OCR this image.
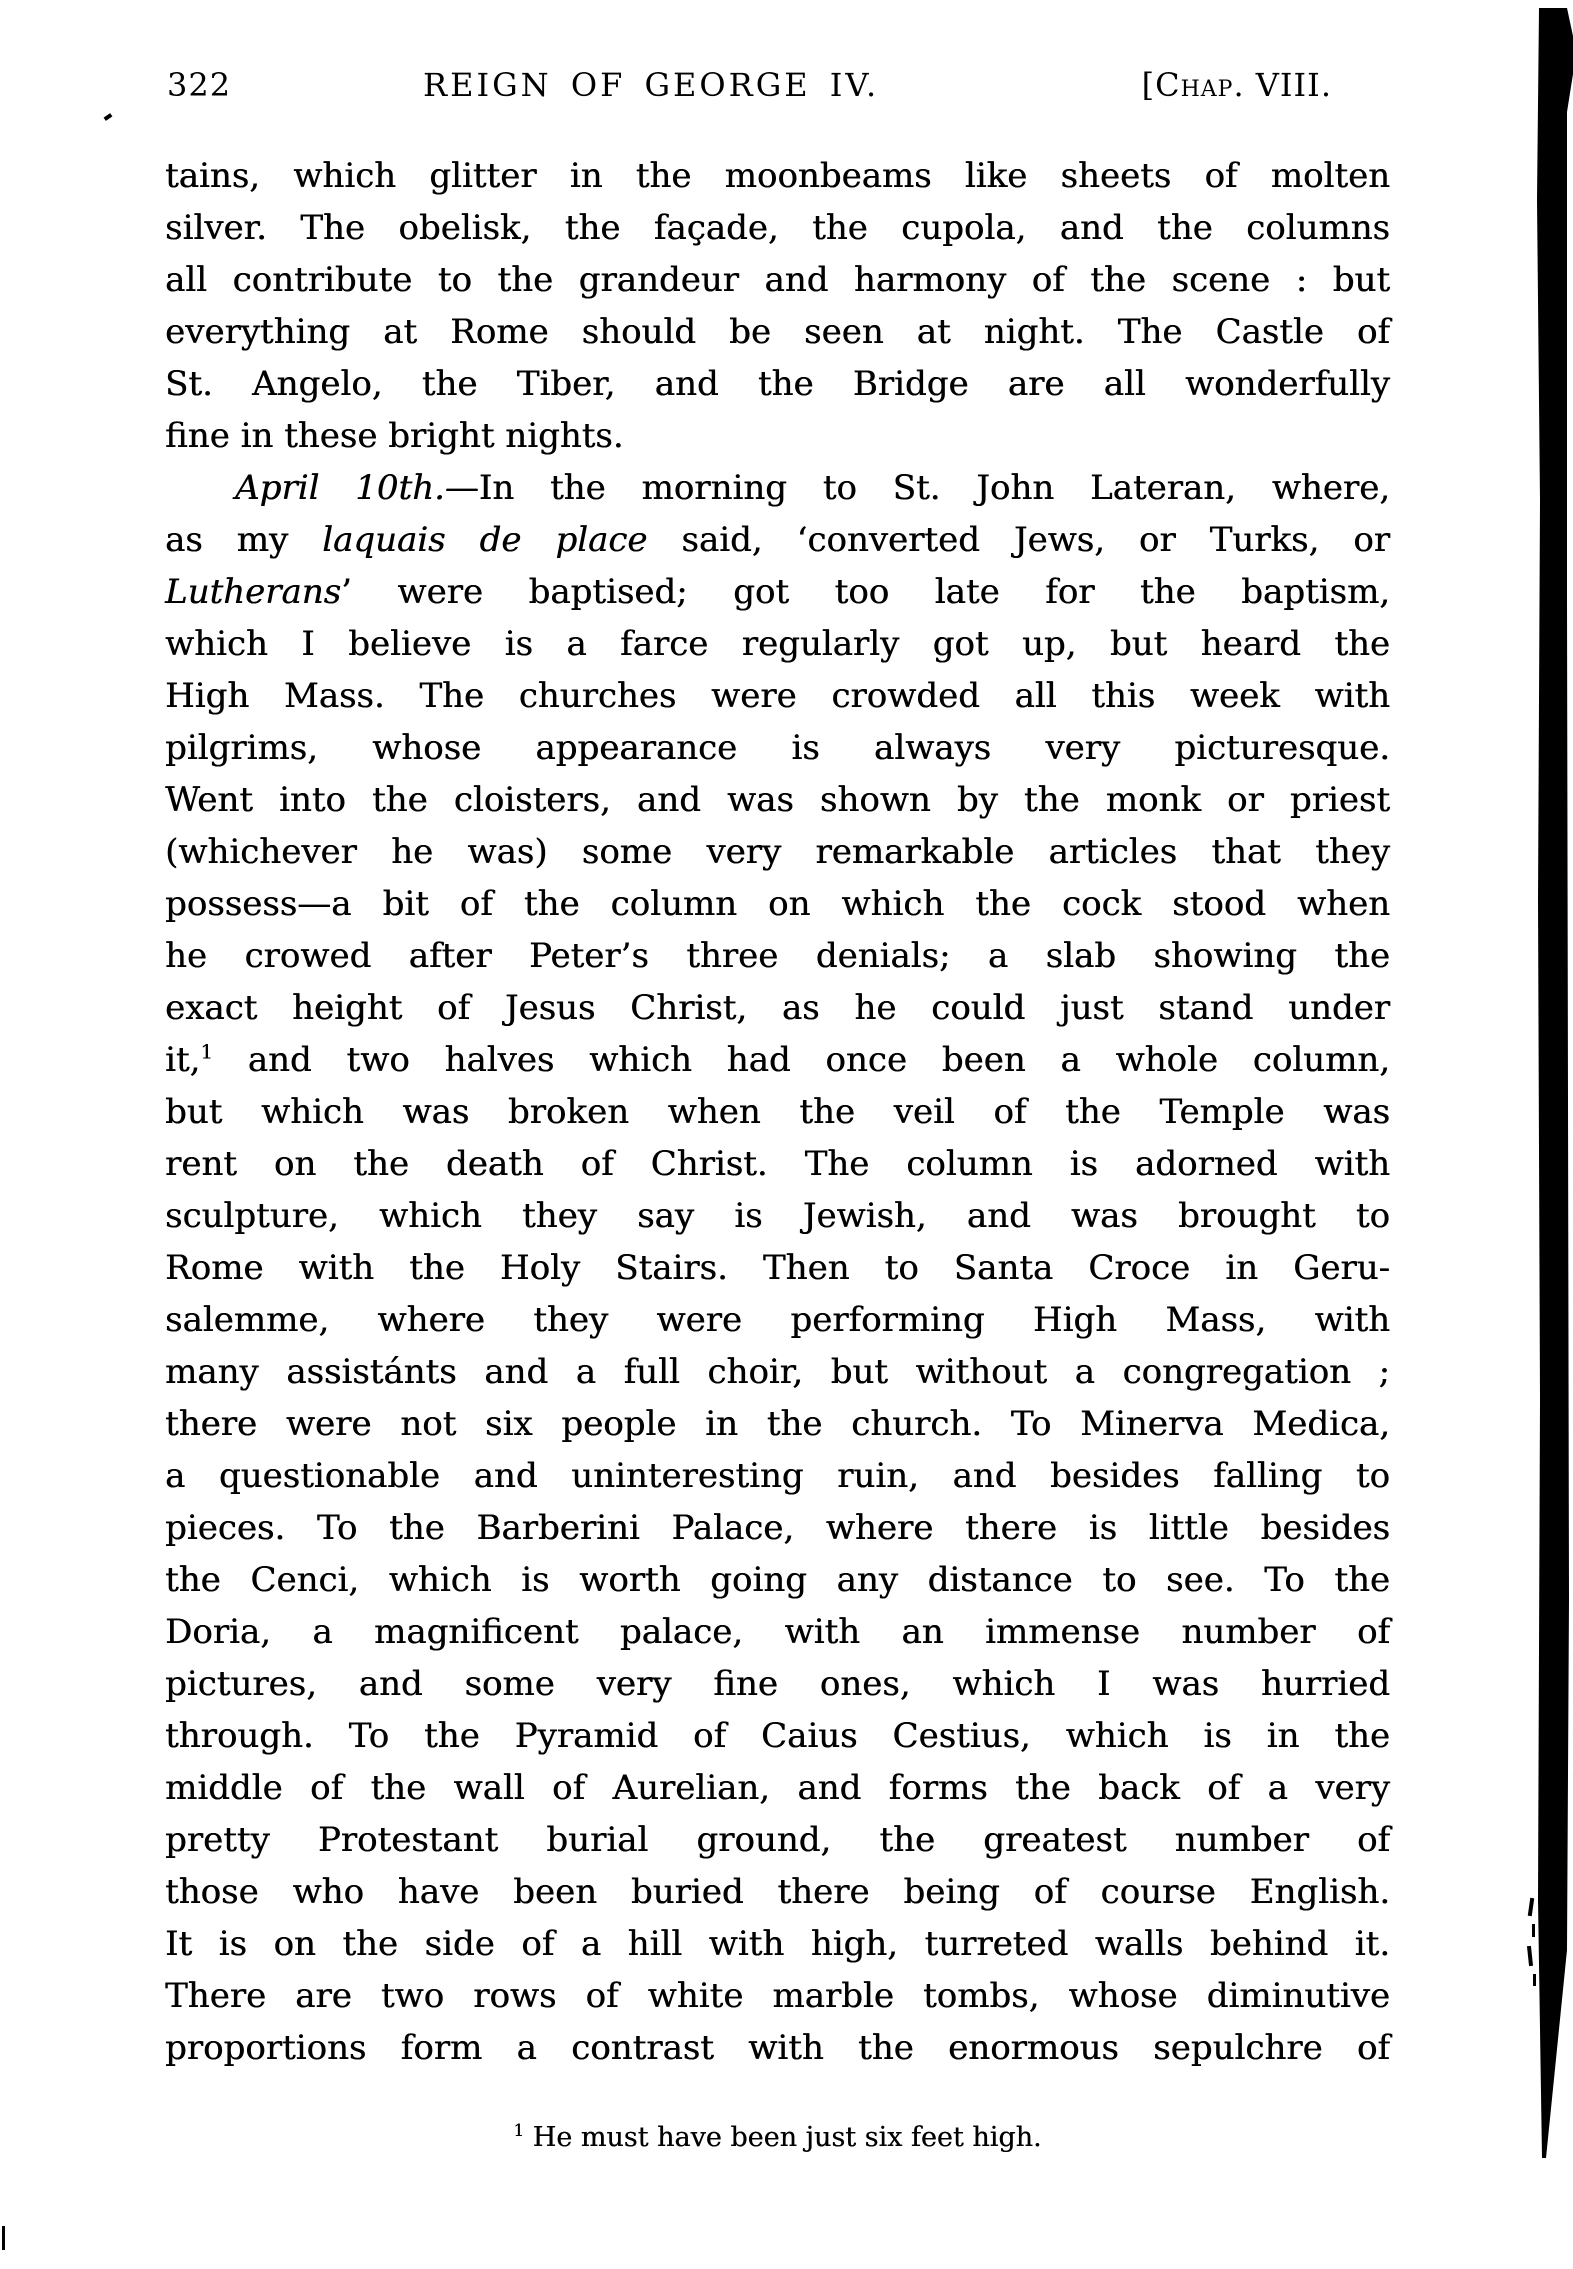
322	REIGN OF GEORGE IV.	[Chap. VIII.
tains, which glitter in the moonbeams like sheets of molten
silver. The obelisk, the façade, the cupola, and the columns
all contribute to the grandeur and harmony of the scene : but
everything at Rome should be seen at night. The Castle of
St. Angelo, the Tiber, and the Bridge are all wonderfully
fine in these bright nights.
April 10th.—In the morning to St. John Lateran, where,
as my laquais de place said, ‘converted Jews, or Turks, or
Lutherans’ were baptised; got too late for the baptism,
which I believe is a farce regularly got up, but heard the
High Mass. The churches were crowded all this week with
pilgrims, whose appearance is always very picturesque.
Went into the cloisters, and was shown by the monk or priest
(whichever he was) some very remarkable articles that they
possess—a bit of the column on which the cock stood when
he crowed after Peter’s three denials; a slab showing the
exact height of Jesus Christ, as he could just stand under
it,$^1$ and two halves which had once been a whole column,
but which was broken when the veil of the Temple was
rent on the death of Christ. The column is adorned with
sculpture, which they say is Jewish, and was brought to
Rome with the Holy Stairs. Then to Santa Croce in Geru-
salemme, where they were performing High Mass, with
many assistánts and a full choir, but without a congregation ;
there were not six people in the church. To Minerva Medica,
a questionable and uninteresting ruin, and besides falling to
pieces. To the Barberini Palace, where there is little besides
the Cenci, which is worth going any distance to see. To the
Doria, a magnificent palace, with an immense number of
pictures, and some very fine ones, which I was hurried
through. To the Pyramid of Caius Cestius, which is in the
middle of the wall of Aurelian, and forms the back of a very
pretty Protestant burial ground, the greatest number of
those who have been buried there being of course English.
It is on the side of a hill with high, turreted walls behind it.
There are two rows of white marble tombs, whose diminutive
proportions form a contrast with the enormous sepulchre of
$^1$ He must have been just six feet high.
